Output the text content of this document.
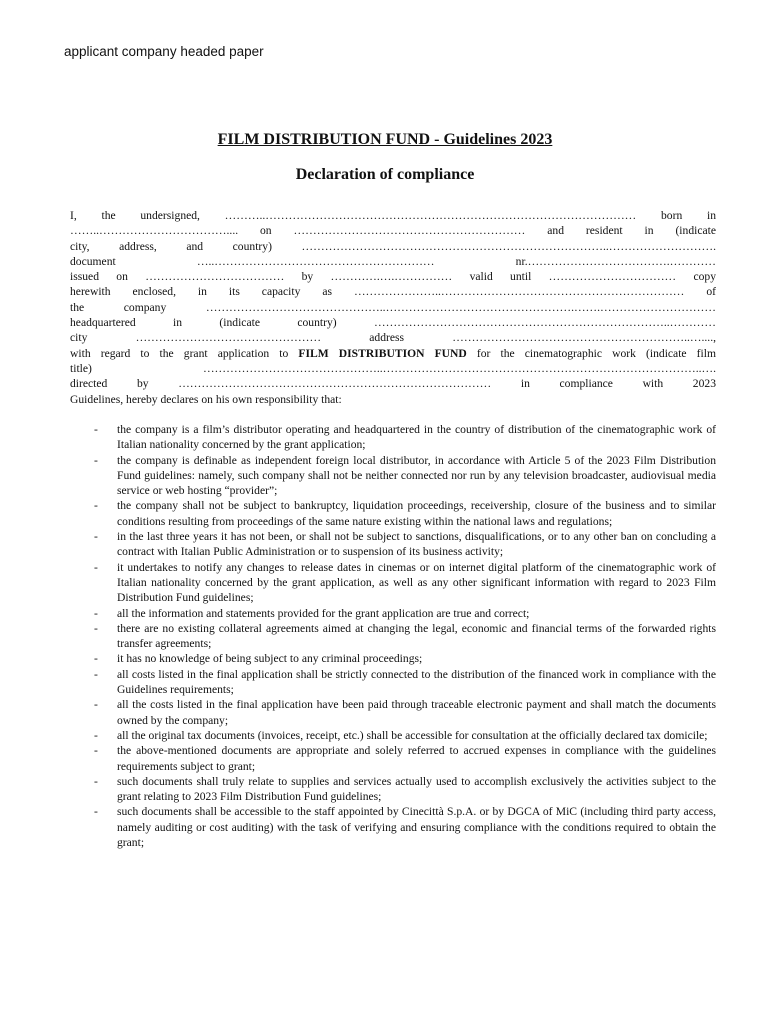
applicant company headed paper
FILM DISTRIBUTION FUND - Guidelines 2023
Declaration of compliance
I, the undersigned, ………..…………………………………………………………………………………… born in
……..…………………………….... on …………………………………………………… and resident in (indicate
city, address, and country) ……………………………………………………………………..……………………….
document …..………………………………………………… nr.……………………………….…………
issued on ……………………………… by ………….….…………… valid until …………………………… copy
herewith enclosed, in its capacity as …………………..……………………………………………………… of
the company ………………………………………..………………………………………….…….…………………………
headquartered in (indicate country) …………………………………………………………………..…………
city ………………………………………… address ……………………………………………………..…....,
with regard to the grant application to FILM DISTRIBUTION FUND for the cinematographic work (indicate film
title) ………………………………………..………………………………………………………………………..….
directed by ……………………………………………………………………… in compliance with 2023
Guidelines, hereby declares on his own responsibility that:
- the company is a film’s distributor operating and headquartered in the country of distribution of the cinematographic work of Italian nationality concerned by the grant application;
- the company is definable as independent foreign local distributor, in accordance with Article 5 of the 2023 Film Distribution Fund guidelines: namely, such company shall not be neither connected nor run by any television broadcaster, audiovisual media service or web hosting “provider”;
- the company shall not be subject to bankruptcy, liquidation proceedings, receivership, closure of the business and to similar conditions resulting from proceedings of the same nature existing within the national laws and regulations;
- in the last three years it has not been, or shall not be subject to sanctions, disqualifications, or to any other ban on concluding a contract with Italian Public Administration or to suspension of its business activity;
- it undertakes to notify any changes to release dates in cinemas or on internet digital platform of the cinematographic work of Italian nationality concerned by the grant application, as well as any other significant information with regard to 2023 Film Distribution Fund guidelines;
- all the information and statements provided for the grant application are true and correct;
- there are no existing collateral agreements aimed at changing the legal, economic and financial terms of the forwarded rights transfer agreements;
- it has no knowledge of being subject to any criminal proceedings;
- all costs listed in the final application shall be strictly connected to the distribution of the financed work in compliance with the Guidelines requirements;
- all the costs listed in the final application have been paid through traceable electronic payment and shall match the documents owned by the company;
- all the original tax documents (invoices, receipt, etc.) shall be accessible for consultation at the officially declared tax domicile;
- the above-mentioned documents are appropriate and solely referred to accrued expenses in compliance with the guidelines requirements subject to grant;
- such documents shall truly relate to supplies and services actually used to accomplish exclusively the activities subject to the grant relating to 2023 Film Distribution Fund guidelines;
- such documents shall be accessible to the staff appointed by Cinecittà S.p.A. or by DGCA of MiC (including third party access, namely auditing or cost auditing) with the task of verifying and ensuring compliance with the conditions required to obtain the grant;
